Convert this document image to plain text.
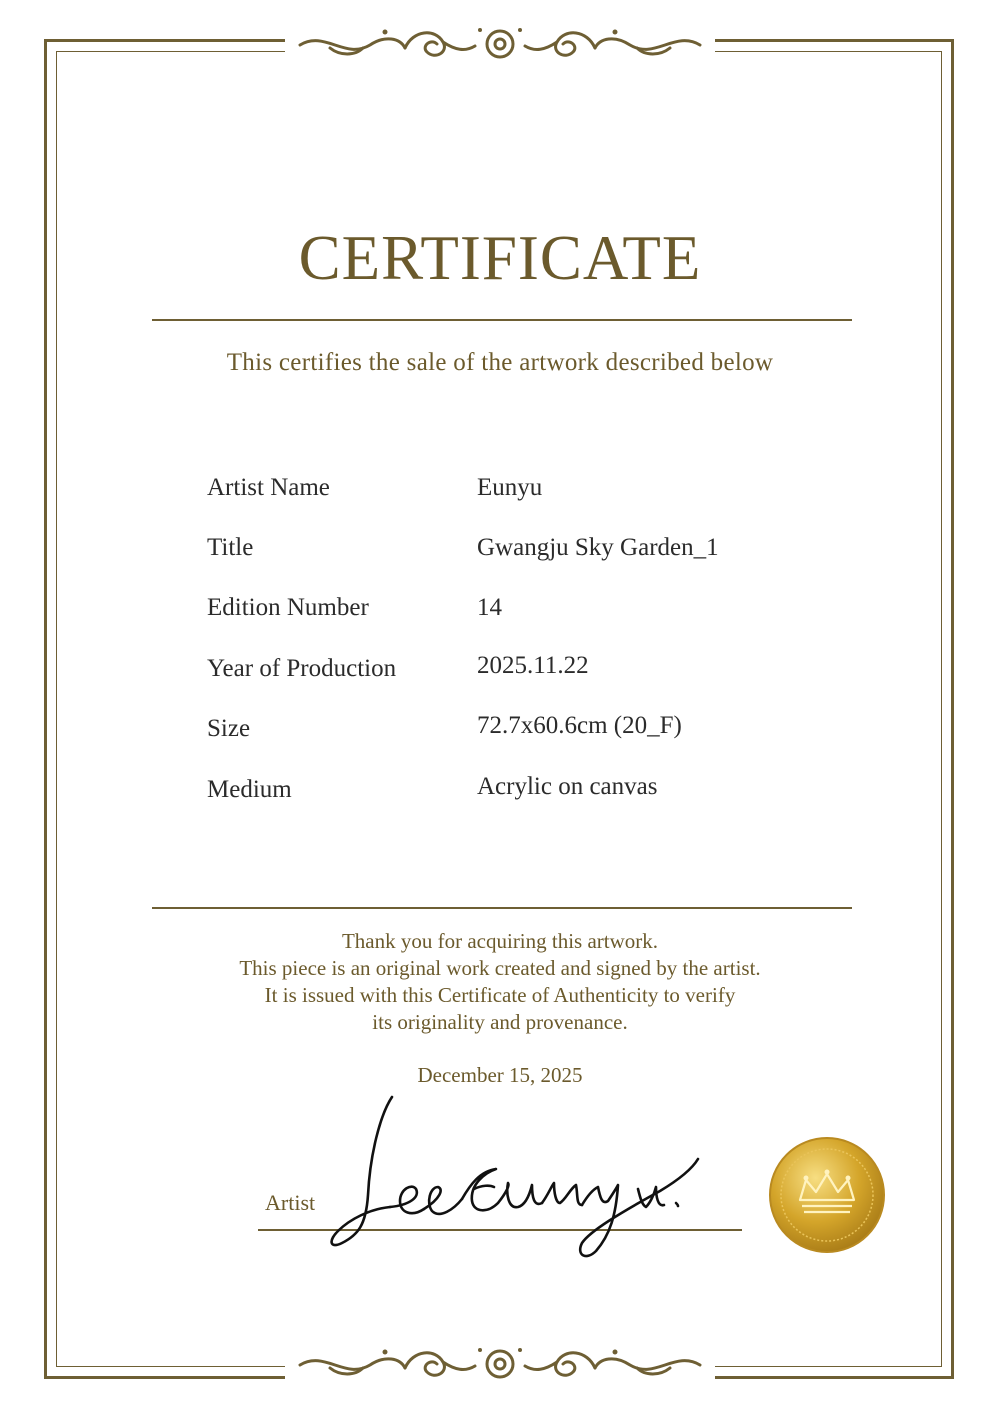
CERTIFICATE
This certifies the sale of the artwork described below
Artist Name	Eunyu
Title	Gwangju Sky Garden_1
Edition Number	14
Year of Production	2025.11.22
Size	72.7x60.6cm (20_F)
Medium	Acrylic on canvas
Thank you for acquiring this artwork.
This piece is an original work created and signed by the artist.
It is issued with this Certificate of Authenticity to verify
its originality and provenance.
December 15, 2025
Artist
